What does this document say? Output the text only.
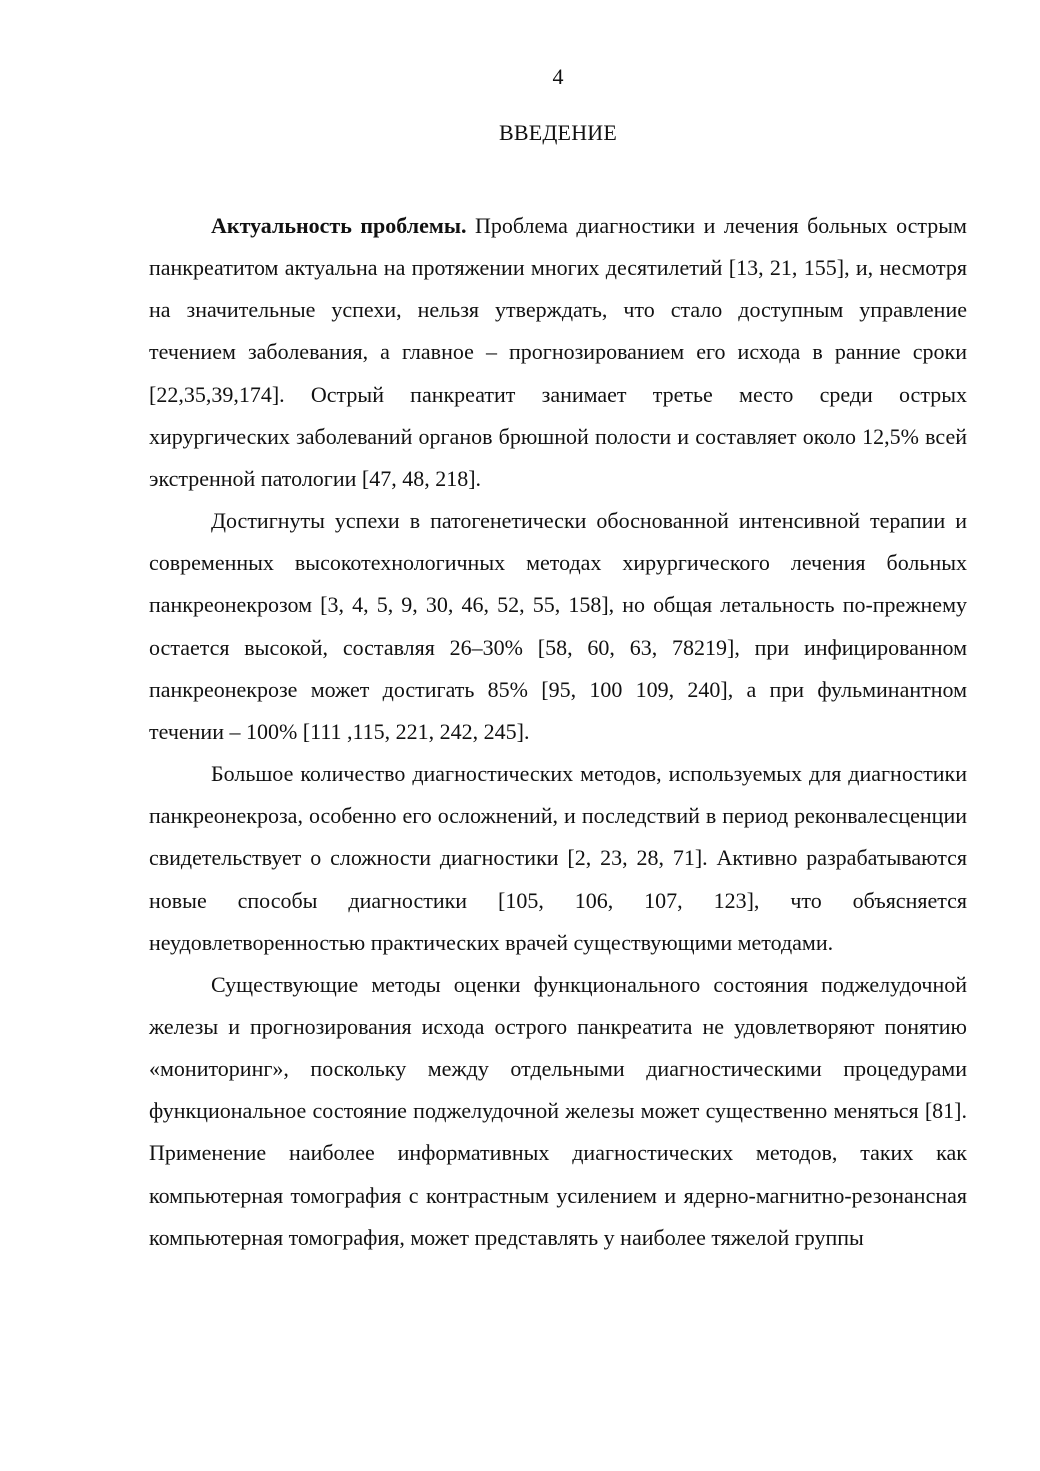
4
ВВЕДЕНИЕ

Актуальность проблемы. Проблема диагностики и лечения больных острым панкреатитом актуальна на протяжении многих десятилетий [13, 21, 155], и, несмотря на значительные успехи, нельзя утверждать, что стало доступным управление течением заболевания, а главное – прогнозированием его исхода в ранние сроки [22,35,39,174]. Острый панкреатит занимает третье место среди острых хирургических заболеваний органов брюшной полости и составляет около 12,5% всей экстренной патологии [47, 48, 218].

Достигнуты успехи в патогенетически обоснованной интенсивной терапии и современных высокотехнологичных методах хирургического лечения больных панкреонекрозом [3, 4, 5, 9, 30, 46, 52, 55, 158], но общая летальность по-прежнему остается высокой, составляя 26–30% [58, 60, 63, 78219], при инфицированном панкреонекрозе может достигать 85% [95, 100 109, 240], а при фульминантном течении – 100% [111 ,115, 221, 242, 245].

Большое количество диагностических методов, используемых для диагностики панкреонекроза, особенно его осложнений, и последствий в период реконвалесценции свидетельствует о сложности диагностики [2, 23, 28, 71]. Активно разрабатываются новые способы диагностики [105, 106, 107, 123], что объясняется неудовлетворенностью практических врачей существующими методами.

Существующие методы оценки функционального состояния поджелудочной железы и прогнозирования исхода острого панкреатита не удовлетворяют понятию «мониторинг», поскольку между отдельными диагностическими процедурами функциональное состояние поджелудочной железы может существенно меняться [81]. Применение наиболее информативных диагностических методов, таких как компьютерная томография с контрастным усилением и ядерно-магнитно-резонансная компьютерная томография, может представлять у наиболее тяжелой группы
